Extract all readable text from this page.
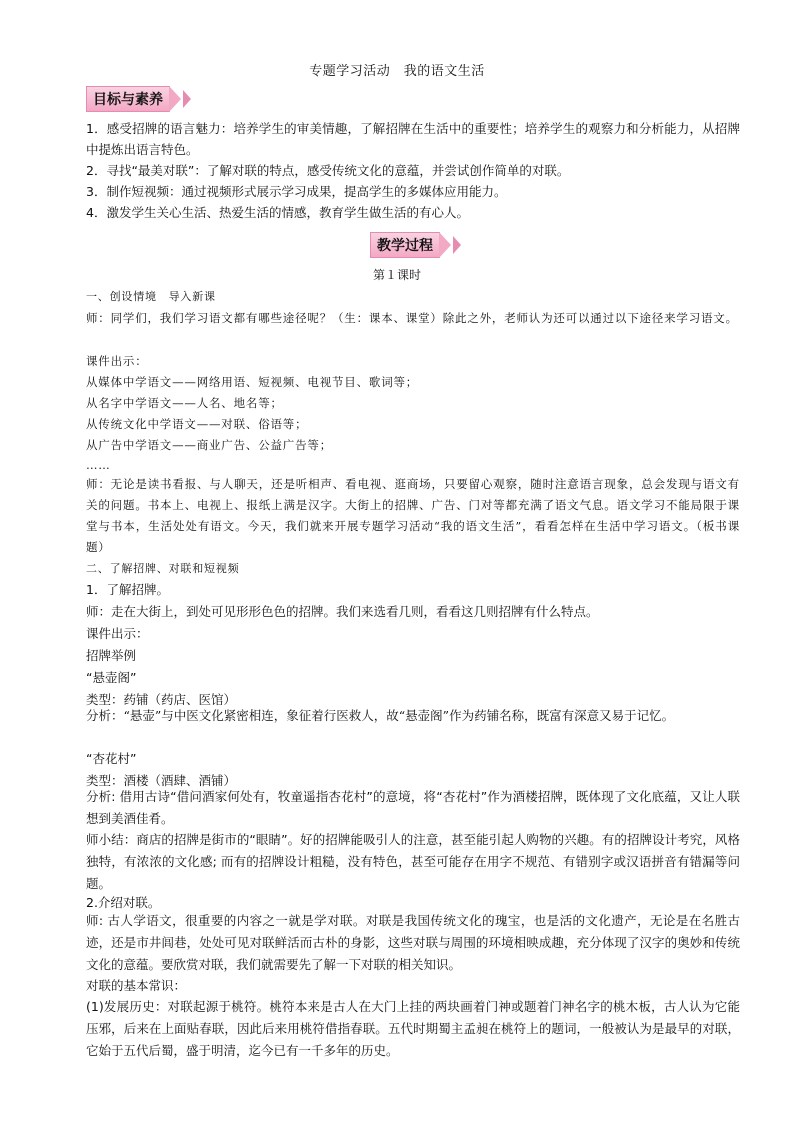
专题学习活动　我的语文生活
目标与素养
1．感受招牌的语言魅力：培养学生的审美情趣，了解招牌在生活中的重要性；培养学生的观察力和分析能力，从招牌中提炼出语言特色。
2．寻找“最美对联”：了解对联的特点，感受传统文化的意蕴，并尝试创作简单的对联。
3．制作短视频：通过视频形式展示学习成果，提高学生的多媒体应用能力。
4．激发学生关心生活、热爱生活的情感，教育学生做生活的有心人。
教学过程
第１课时
一、创设情境　导入新课
师：同学们，我们学习语文都有哪些途径呢？（生：课本、课堂）除此之外，老师认为还可以通过以下途径来学习语文。
课件出示：
从媒体中学语文——网络用语、短视频、电视节目、歌词等；
从名字中学语文——人名、地名等；
从传统文化中学语文——对联、俗语等；
从广告中学语文——商业广告、公益广告等；
……
师：无论是读书看报、与人聊天，还是听相声、看电视、逛商场，只要留心观察，随时注意语言现象，总会发现与语文有关的问题。书本上、电视上、报纸上满是汉字。大街上的招牌、广告、门对等都充满了语文气息。语文学习不能局限于课堂与书本，生活处处有语文。今天，我们就来开展专题学习活动“我的语文生活”，看看怎样在生活中学习语文。（板书课题）
二、了解招牌、对联和短视频
1．了解招牌。
师：走在大街上，到处可见形形色色的招牌。我们来选看几则，看看这几则招牌有什么特点。
课件出示：
招牌举例
“悬壶阁”
类型：药铺（药店、医馆）
分析：“悬壶”与中医文化紧密相连，象征着行医救人，故“悬壶阁”作为药铺名称，既富有深意又易于记忆。
“杏花村”
类型：酒楼（酒肆、酒铺）
分析: 借用古诗“借问酒家何处有，牧童遥指杏花村”的意境，将“杏花村”作为酒楼招牌，既体现了文化底蕴，又让人联想到美酒佳肴。
师小结：商店的招牌是街市的“眼睛”。好的招牌能吸引人的注意，甚至能引起人购物的兴趣。有的招牌设计考究，风格独特，有浓浓的文化感; 而有的招牌设计粗糙，没有特色，甚至可能存在用字不规范、有错别字或汉语拼音有错漏等问题。
2.介绍对联。
师: 古人学语文，很重要的内容之一就是学对联。对联是我国传统文化的瑰宝，也是活的文化遗产，无论是在名胜古迹，还是市井闾巷，处处可见对联鲜活而古朴的身影，这些对联与周围的环境相映成趣，充分体现了汉字的奥妙和传统文化的意蕴。要欣赏对联，我们就需要先了解一下对联的相关知识。
对联的基本常识：
(1)发展历史：对联起源于桃符。桃符本来是古人在大门上挂的两块画着门神或题着门神名字的桃木板，古人认为它能压邪，后来在上面贴春联，因此后来用桃符借指春联。五代时期蜀主孟昶在桃符上的题词，一般被认为是最早的对联，它始于五代后蜀，盛于明清，迄今已有一千多年的历史。
